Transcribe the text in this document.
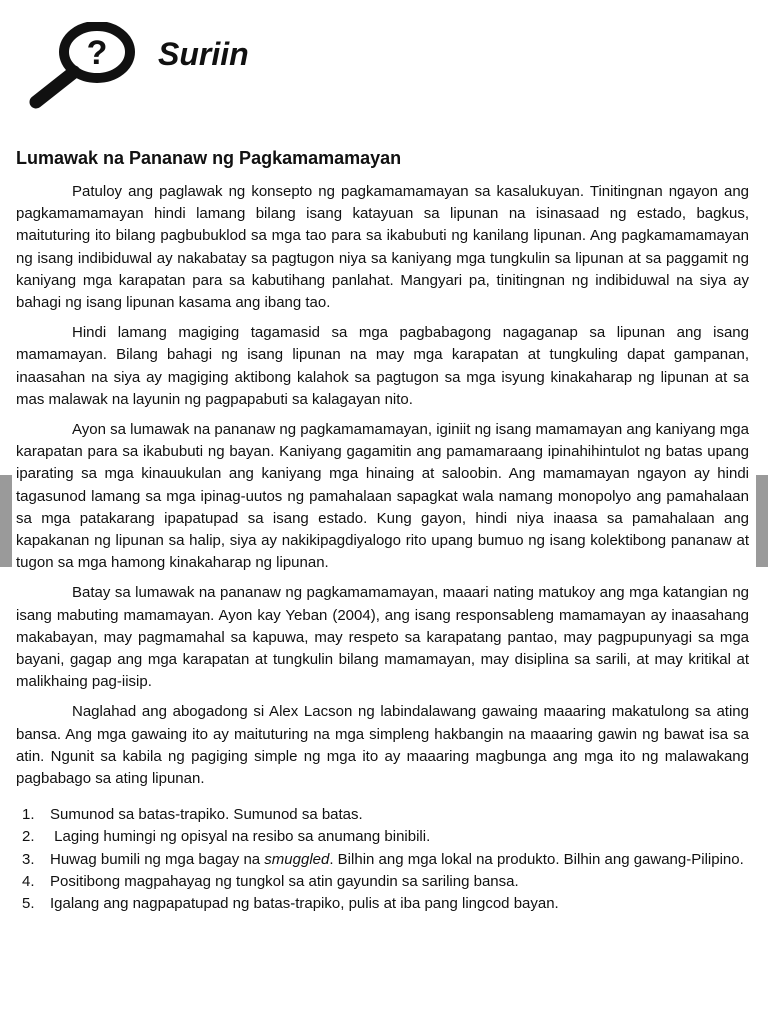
? Suriin
Lumawak na Pananaw ng Pagkamamamayan

Patuloy ang paglawak ng konsepto ng pagkamamamayan sa kasalukuyan. Tinitingnan ngayon ang pagkamamamayan hindi lamang bilang isang katayuan sa lipunan na isinasaad ng estado, bagkus, maituturing ito bilang pagbubuklod sa mga tao para sa ikabubuti ng kanilang lipunan. Ang pagkamamamayan ng isang indibiduwal ay nakabatay sa pagtugon niya sa kaniyang mga tungkulin sa lipunan at sa paggamit ng kaniyang mga karapatan para sa kabutihang panlahat. Mangyari pa, tinitingnan ng indibiduwal na siya ay bahagi ng isang lipunan kasama ang ibang tao.

Hindi lamang magiging tagamasid sa mga pagbabagong nagaganap sa lipunan ang isang mamamayan. Bilang bahagi ng isang lipunan na may mga karapatan at tungkuling dapat gampanan, inaasahan na siya ay magiging aktibong kalahok sa pagtugon sa mga isyung kinakaharap ng lipunan at sa mas malawak na layunin ng pagpapabuti sa kalagayan nito.

Ayon sa lumawak na pananaw ng pagkamamamayan, iginiit ng isang mamamayan ang kaniyang mga karapatan para sa ikabubuti ng bayan. Kaniyang gagamitin ang pamamaraang ipinahihintulot ng batas upang iparating sa mga kinauukulan ang kaniyang mga hinaing at saloobin. Ang mamamayan ngayon ay hindi tagasunod lamang sa mga ipinag-uutos ng pamahalaan sapagkat wala namang monopolyo ang pamahalaan sa mga patakarang ipapatupad sa isang estado. Kung gayon, hindi niya inaasa sa pamahalaan ang kapakanan ng lipunan sa halip, siya ay nakikipagdiyalogo rito upang bumuo ng isang kolektibong pananaw at tugon sa mga hamong kinakaharap ng lipunan.

Batay sa lumawak na pananaw ng pagkamamamayan, maaari nating matukoy ang mga katangian ng isang mabuting mamamayan. Ayon kay Yeban (2004), ang isang responsableng mamamayan ay inaasahang makabayan, may pagmamahal sa kapuwa, may respeto sa karapatang pantao, may pagpupunyagi sa mga bayani, gagap ang mga karapatan at tungkulin bilang mamamayan, may disiplina sa sarili, at may kritikal at malikhaing pag-iisip.

Naglahad ang abogadong si Alex Lacson ng labindalawang gawaing maaaring makatulong sa ating bansa. Ang mga gawaing ito ay maituturing na mga simpleng hakbangin na maaaring gawin ng bawat isa sa atin. Ngunit sa kabila ng pagiging simple ng mga ito ay maaaring magbunga ang mga ito ng malawakang pagbabago sa ating lipunan.

1.	Sumunod sa batas-trapiko. Sumunod sa batas.
2.	Laging humingi ng opisyal na resibo sa anumang binibili.
3.	Huwag bumili ng mga bagay na smuggled. Bilhin ang mga lokal na produkto. Bilhin ang gawang-Pilipino.
4.	Positibong magpahayag ng tungkol sa atin gayundin sa sariling bansa.
5.	Igalang ang nagpapatupad ng batas-trapiko, pulis at iba pang lingcod bayan.
